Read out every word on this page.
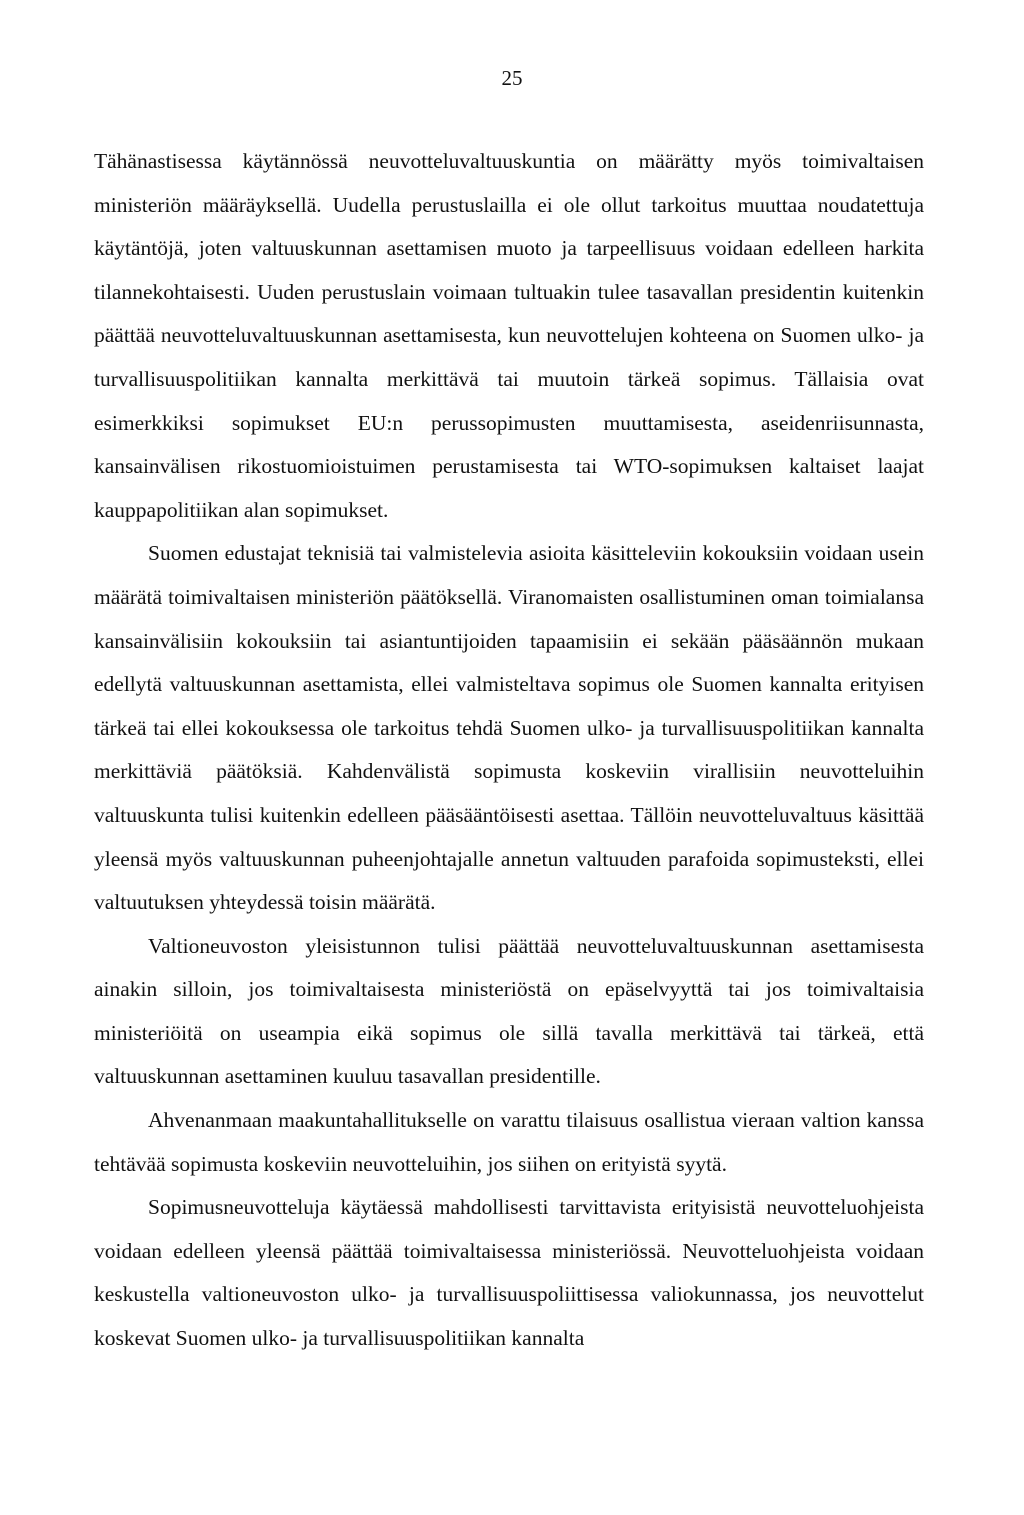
25

Tähänastisessa käytännössä neuvotteluvaltuuskuntia on määrätty myös toimivaltaisen ministeriön määräyksellä. Uudella perustuslailla ei ole ollut tarkoitus muuttaa noudatettuja käytäntöjä, joten valtuuskunnan asettamisen muoto ja tarpeellisuus voidaan edelleen harkita tilannekohtaisesti. Uuden perustuslain voimaan tultuakin tulee tasavallan presidentin kuitenkin päättää neuvotteluvaltuuskunnan asettamisesta, kun neuvottelujen kohteena on Suomen ulko- ja turvallisuuspolitiikan kannalta merkittävä tai muutoin tärkeä sopimus. Tällaisia ovat esimerkkiksi sopimukset EU:n perussopimusten muuttamisesta, aseidenriisunnasta, kansainvälisen rikostuomioistuimen perustamisesta tai WTO-sopimuksen kaltaiset laajat kauppapolitiikan alan sopimukset.

Suomen edustajat teknisiä tai valmistelevia asioita käsitteleviin kokouksiin voidaan usein määrätä toimivaltaisen ministeriön päätöksellä. Viranomaisten osallistuminen oman toimialansa kansainvälisiin kokouksiin tai asiantuntijoiden tapaamisiin ei sekään pääsäännön mukaan edellytä valtuuskunnan asettamista, ellei valmisteltava sopimus ole Suomen kannalta erityisen tärkeä tai ellei kokouksessa ole tarkoitus tehdä Suomen ulko- ja turvallisuuspolitiikan kannalta merkittäviä päätöksiä. Kahdenvälistä sopimusta koskeviin virallisiin neuvotteluihin valtuuskunta tulisi kuitenkin edelleen pääsääntöisesti asettaa. Tällöin neuvotteluvaltuus käsittää yleensä myös valtuuskunnan puheenjohtajalle annetun valtuuden parafoida sopimusteksti, ellei valtuutuksen yhteydessä toisin määrätä.

Valtioneuvoston yleisistunnon tulisi päättää neuvotteluvaltuuskunnan asettamisesta ainakin silloin, jos toimivaltaisesta ministeriöstä on epäselvyyttä tai jos toimivaltaisia ministeriöitä on useampia eikä sopimus ole sillä tavalla merkittävä tai tärkeä, että valtuuskunnan asettaminen kuuluu tasavallan presidentille.

Ahvenanmaan maakuntahallitukselle on varattu tilaisuus osallistua vieraan valtion kanssa tehtävää sopimusta koskeviin neuvotteluihin, jos siihen on erityistä syytä.

Sopimusneuvotteluja käytäessä mahdollisesti tarvittavista erityisistä neuvotteluohjeista voidaan edelleen yleensä päättää toimivaltaisessa ministeriössä. Neuvotteluohjeista voidaan keskustella valtioneuvoston ulko- ja turvallisuuspoliittisessa valiokunnassa, jos neuvottelut koskevat Suomen ulko- ja turvallisuuspolitiikan kannalta
